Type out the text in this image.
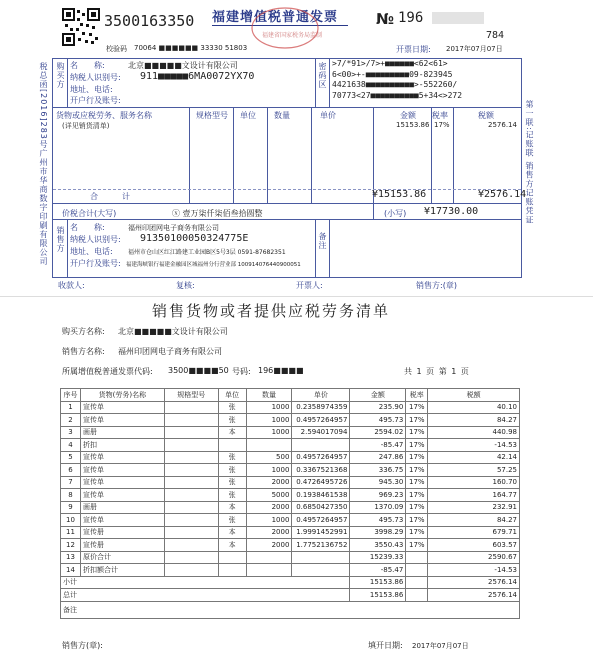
3500163350 福建增值税普通发票
福建省国家税务局监制
№ 196
784
校验码 70064 ■■■■■■ 33330 51803	开票日期: 2017年07月07日
税总函[2016]283号广州市华商数字印刷有限公司	第一联:记账联 销售方记账凭证
购买方 名　　称:	北京■■■■■文设计有限公司
纳税人识别号: 911■■■■■6MA0072YX70
地址、电话:
开户行及账号:
密码区 >7/*91>/7>+■■■■■■<62<61>
6<00>+-■■■■■■■■■09-823945
4421638■■■■■■■■■■>-552260/
70773<27■■■■■■■■■■5+34<>272
货物或应税劳务、服务名称	规格型号 单位 数量	单价	金额 税率	税额
(详见销货清单)	15153.86 17%	2576.14
合　　　计	¥15153.86	¥2576.14
价税合计(大写)	ⓧ 壹万柒仟柒佰叁拾圆整	(小写) ¥17730.00
销售方 名　　称:	福州印团网电子商务有限公司
纳税人识别号: 91350100050324775E
地址、电话:	福州市仓山区红江路建工业园B区5号3层 0591-87682351
开户行及账号: 福建海峡银行福建金融园区城福州分行营业部 100914076440900051
备注
收款人:	复核:	开票人:	销售方:(章)
销售货物或者提供应税劳务清单
购买方名称: 北京■■■■■文设计有限公司
销售方名称: 福州印团网电子商务有限公司
所属增值税普通发票代码: 3500■■■■50 号码: 196■■■■	共 1 页 第 1 页
序号	货物(劳务)名称	规格型号	单位	数量	单价	金额	税率	税额
1	宣传单		张	1000	0.2358974359	235.90	17%	40.10
2	宣传单		张	1000	0.4957264957	495.73	17%	84.27
3	画册		本	1000	2.594017094	2594.02	17%	440.98
4	折扣					-85.47	17%	-14.53
5	宣传单		张	500	0.4957264957	247.86	17%	42.14
6	宣传单		张	1000	0.3367521368	336.75	17%	57.25
7	宣传单		张	2000	0.4726495726	945.30	17%	160.70
8	宣传单		张	5000	0.1938461538	969.23	17%	164.77
9	画册		本	2000	0.6850427350	1370.09	17%	232.91
10	宣传单		张	1000	0.4957264957	495.73	17%	84.27
11	宣传册		本	2000	1.9991452991	3998.29	17%	679.71
12	宣传册		本	2000	1.7752136752	3550.43	17%	603.57
13	原价合计					15239.33		2590.67
14	折扣额合计					-85.47		-14.53
小计						15153.86		2576.14
总计						15153.86		2576.14
备注								
销售方(章):	填开日期: 2017年07月07日
